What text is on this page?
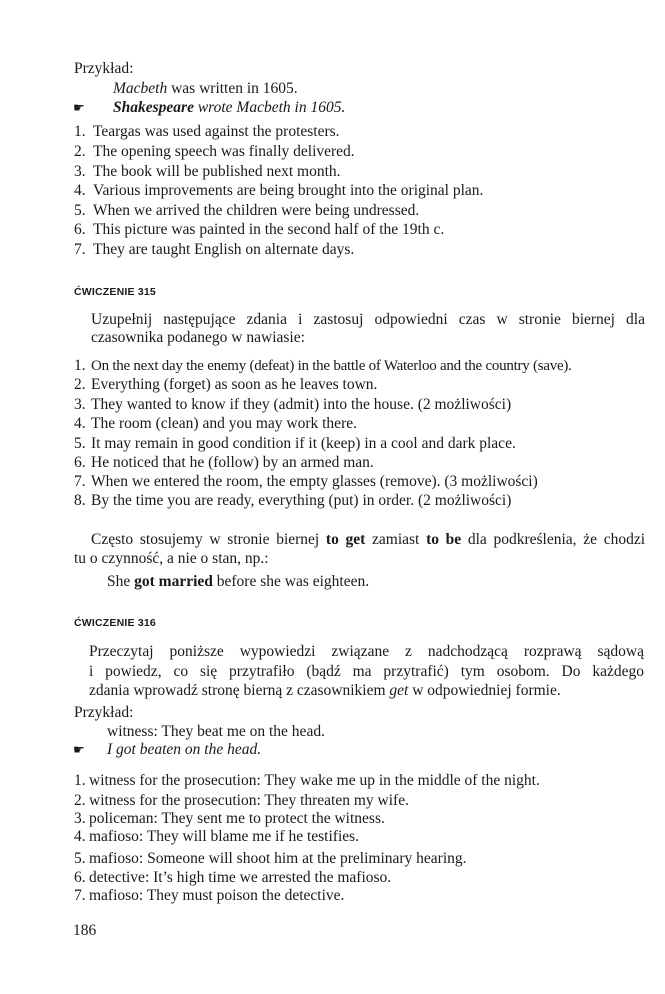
Przykład:
Macbeth was written in 1605.
☛ Shakespeare wrote Macbeth in 1605.
1. Teargas was used against the protesters.
2. The opening speech was finally delivered.
3. The book will be published next month.
4. Various improvements are being brought into the original plan.
5. When we arrived the children were being undressed.
6. This picture was painted in the second half of the 19th c.
7. They are taught English on alternate days.
ĆWICZENIE 315
Uzupełnij następujące zdania i zastosuj odpowiedni czas w stronie biernej dla
czasownika podanego w nawiasie:
1. On the next day the enemy (defeat) in the battle of Waterloo and the country (save).
2. Everything (forget) as soon as he leaves town.
3. They wanted to know if they (admit) into the house. (2 możliwości)
4. The room (clean) and you may work there.
5. It may remain in good condition if it (keep) in a cool and dark place.
6. He noticed that he (follow) by an armed man.
7. When we entered the room, the empty glasses (remove). (3 możliwości)
8. By the time you are ready, everything (put) in order. (2 możliwości)
Często stosujemy w stronie biernej to get zamiast to be dla podkreślenia, że chodzi
tu o czynność, a nie o stan, np.:
She got married before she was eighteen.
ĆWICZENIE 316
Przeczytaj poniższe wypowiedzi związane z nadchodzącą rozprawą sądową
i powiedz, co się przytrafiło (bądź ma przytrafić) tym osobom. Do każdego
zdania wprowadź stronę bierną z czasownikiem get w odpowiedniej formie.
Przykład:
witness: They beat me on the head.
☛ I got beaten on the head.
1. witness for the prosecution: They wake me up in the middle of the night.
2. witness for the prosecution: They threaten my wife.
3. policeman: They sent me to protect the witness.
4. mafioso: They will blame me if he testifies.
5. mafioso: Someone will shoot him at the preliminary hearing.
6. detective: It’s high time we arrested the mafioso.
7. mafioso: They must poison the detective.
186
